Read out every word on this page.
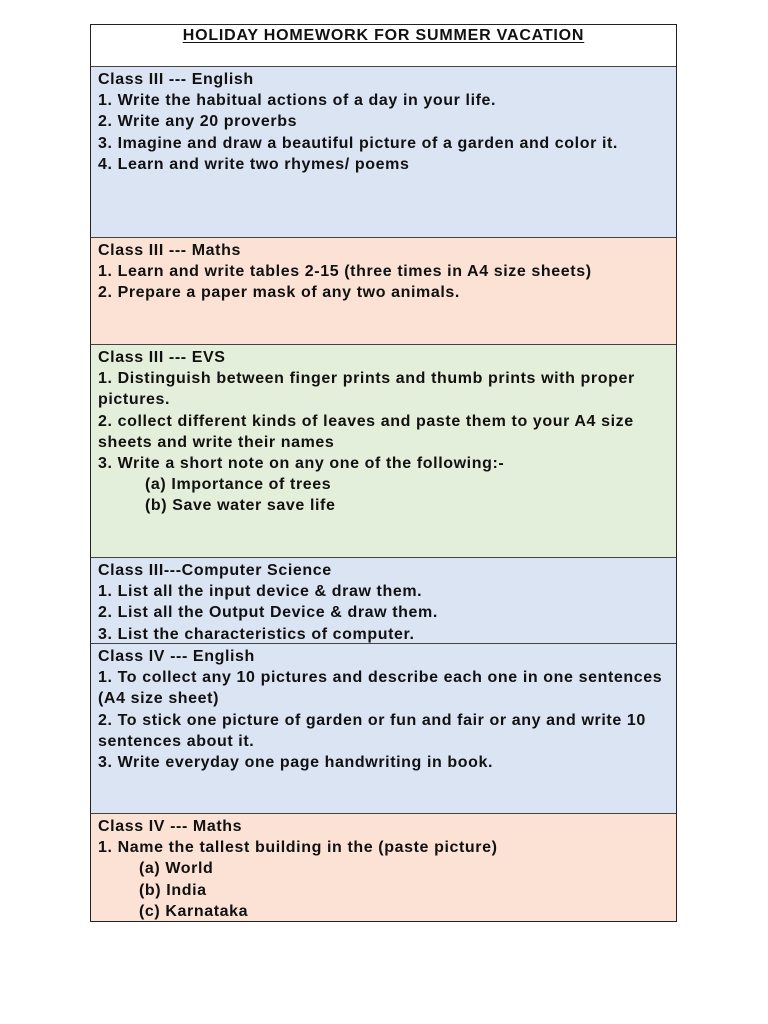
HOLIDAY HOMEWORK FOR SUMMER VACATION
Class III --- English
1. Write the habitual actions of a day in your life.
2. Write any 20 proverbs
3. Imagine and draw a beautiful picture of a garden and color it.
4. Learn and write two rhymes/ poems
Class III --- Maths
1. Learn and write tables 2-15 (three times in A4 size sheets)
2. Prepare a paper mask of any two animals.
Class III --- EVS
1. Distinguish between finger prints and thumb prints with proper pictures.
2. collect different kinds of leaves and paste them to your A4 size sheets and write their names
3. Write a short note on any one of the following:-
(a) Importance of trees
(b) Save water save life
Class III---Computer Science
1. List all the input device & draw them.
2. List all the Output Device & draw them.
3. List the characteristics of computer.
Class IV --- English
1. To collect any 10 pictures and describe each one in one sentences (A4 size sheet)
2. To stick one picture of garden or fun and fair or any and write 10 sentences about it.
3. Write everyday one page handwriting in book.
Class IV --- Maths
1. Name the tallest building in the (paste picture)
(a) World
(b) India
(c) Karnataka
